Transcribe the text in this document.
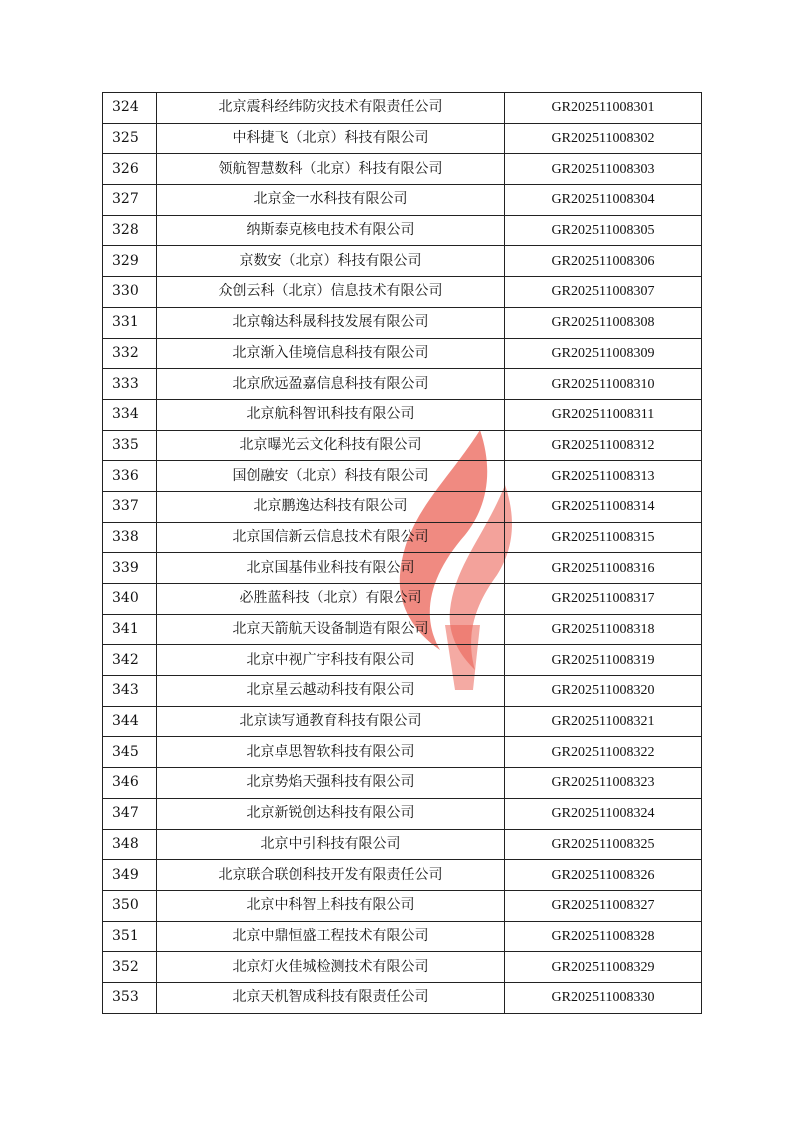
324	北京震科经纬防灾技术有限责任公司	GR202511008301
325	中科捷飞（北京）科技有限公司	GR202511008302
326	领航智慧数科（北京）科技有限公司	GR202511008303
327	北京金一水科技有限公司	GR202511008304
328	纳斯泰克核电技术有限公司	GR202511008305
329	京数安（北京）科技有限公司	GR202511008306
330	众创云科（北京）信息技术有限公司	GR202511008307
331	北京翰达科晟科技发展有限公司	GR202511008308
332	北京渐入佳境信息科技有限公司	GR202511008309
333	北京欣远盈嘉信息科技有限公司	GR202511008310
334	北京航科智讯科技有限公司	GR202511008311
335	北京曝光云文化科技有限公司	GR202511008312
336	国创融安（北京）科技有限公司	GR202511008313
337	北京鹏逸达科技有限公司	GR202511008314
338	北京国信新云信息技术有限公司	GR202511008315
339	北京国基伟业科技有限公司	GR202511008316
340	必胜蓝科技（北京）有限公司	GR202511008317
341	北京天箭航天设备制造有限公司	GR202511008318
342	北京中视广宇科技有限公司	GR202511008319
343	北京星云越动科技有限公司	GR202511008320
344	北京读写通教育科技有限公司	GR202511008321
345	北京卓思智软科技有限公司	GR202511008322
346	北京势焰天强科技有限公司	GR202511008323
347	北京新锐创达科技有限公司	GR202511008324
348	北京中引科技有限公司	GR202511008325
349	北京联合联创科技开发有限责任公司	GR202511008326
350	北京中科智上科技有限公司	GR202511008327
351	北京中鼎恒盛工程技术有限公司	GR202511008328
352	北京灯火佳城检测技术有限公司	GR202511008329
353	北京天机智成科技有限责任公司	GR202511008330
